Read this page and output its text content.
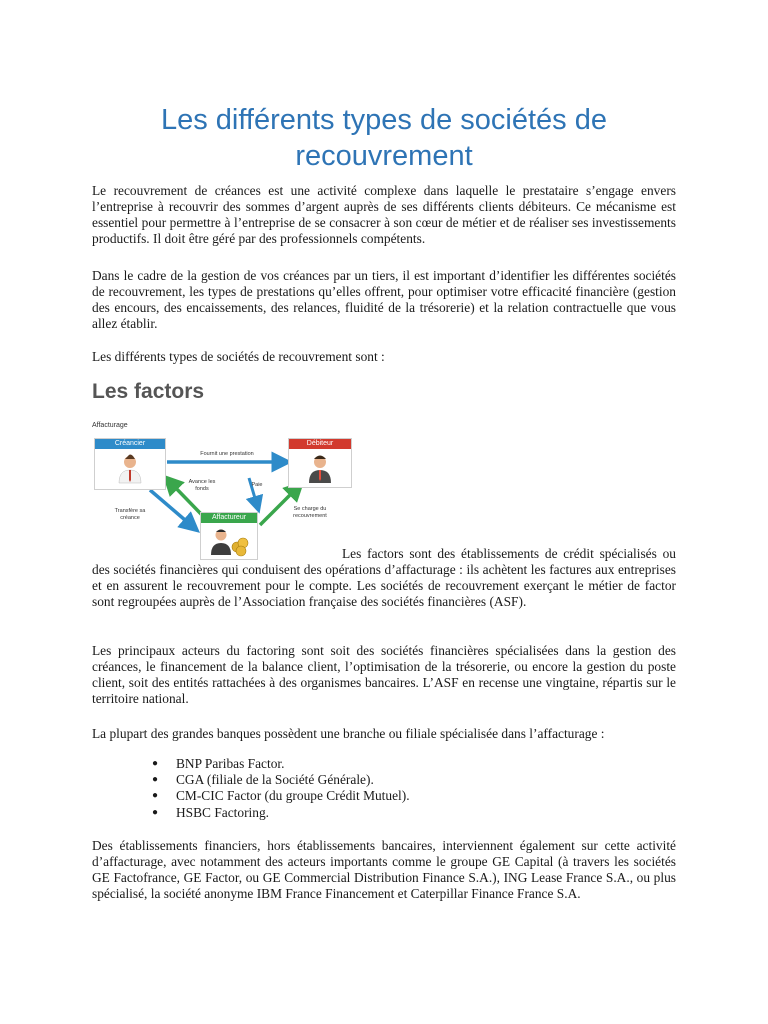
Les différents types de sociétés de recouvrement

Le recouvrement de créances est une activité complexe dans laquelle le prestataire s’engage envers l’entreprise à recouvrir des sommes d’argent auprès de ses différents clients débiteurs. Ce mécanisme est essentiel pour permettre à l’entreprise de se consacrer à son cœur de métier et de réaliser ses investissements productifs. Il doit être géré par des professionnels compétents.

Dans le cadre de la gestion de vos créances par un tiers, il est important d’identifier les différentes sociétés de recouvrement, les types de prestations qu’elles offrent, pour optimiser votre efficacité financière (gestion des encours, des encaissements, des relances, fluidité de la trésorerie) et la relation contractuelle que vous allez établir.

Les différents types de sociétés de recouvrement sont :

Les factors
Affacturage
Créancier	Débiteur
Affactureur
Fournit une prestation
Avance les fonds
Paie
Transfère sa créance
Se charge du recouvrement

Les factors sont des établissements de crédit spécialisés ou des sociétés financières qui conduisent des opérations d’affacturage : ils achètent les factures aux entreprises et en assurent le recouvrement pour le compte. Les sociétés de recouvrement exerçant le métier de factor sont regroupées auprès de l’Association française des sociétés financières (ASF).

Les principaux acteurs du factoring sont soit des sociétés financières spécialisées dans la gestion des créances, le financement de la balance client, l’optimisation de la trésorerie, ou encore la gestion du poste client, soit des entités rattachées à des organismes bancaires. L’ASF en recense une vingtaine, répartis sur le territoire national.

La plupart des grandes banques possèdent une branche ou filiale spécialisée dans l’affacturage :

● BNP Paribas Factor.
● CGA (filiale de la Société Générale).
● CM-CIC Factor (du groupe Crédit Mutuel).
● HSBC Factoring.

Des établissements financiers, hors établissements bancaires, interviennent également sur cette activité d’affacturage, avec notamment des acteurs importants comme le groupe GE Capital (à travers les sociétés GE Factofrance, GE Factor, ou GE Commercial Distribution Finance S.A.), ING Lease France S.A., ou plus spécialisé, la société anonyme IBM France Financement et Caterpillar Finance France S.A.
